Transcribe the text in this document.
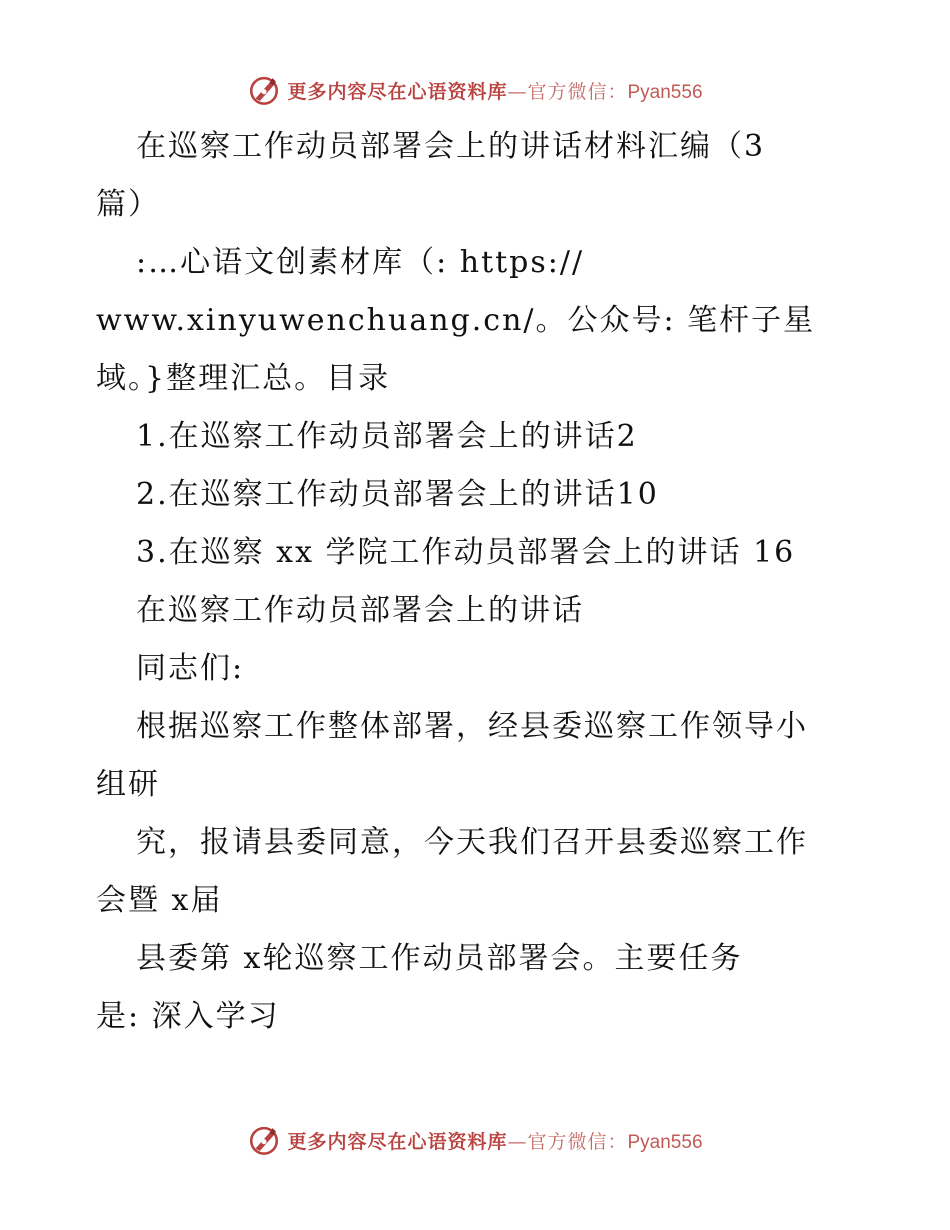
更多内容尽在心语资料库—官方微信：Pyan556
在巡察工作动员部署会上的讲话材料汇编（3
篇）
:…心语文创素材库（: https://
www.xinyuwenchuang.cn/。公众号: 笔杆子星
域。}整理汇总。目录
1.在巡察工作动员部署会上的讲话2
2.在巡察工作动员部署会上的讲话10
3.在巡察 xx 学院工作动员部署会上的讲话 16
在巡察工作动员部署会上的讲话
同志们:
根据巡察工作整体部署，经县委巡察工作领导小
组研
究，报请县委同意，今天我们召开县委巡察工作
会暨 x届
县委第 x轮巡察工作动员部署会。主要任务
是: 深入学习
更多内容尽在心语资料库—官方微信：Pyan556
